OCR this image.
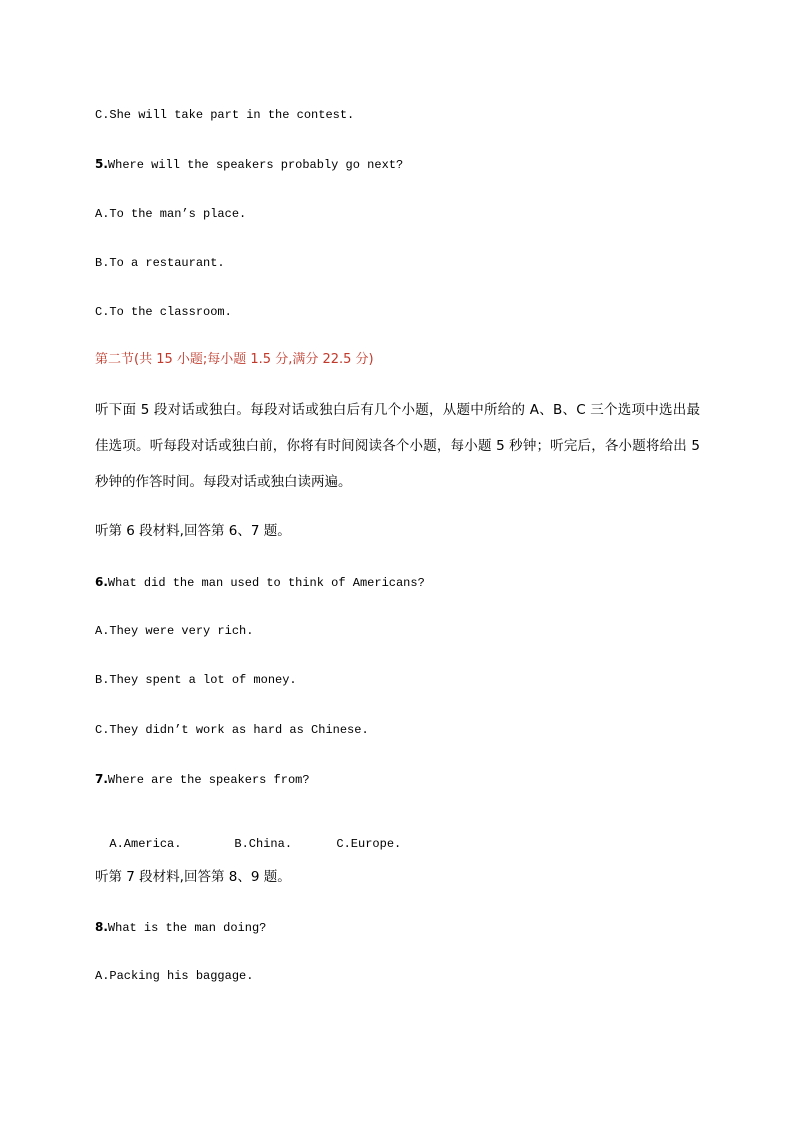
C.She will take part in the contest.
5.Where will the speakers probably go next?
A.To the man’s place.
B.To a restaurant.
C.To the classroom.
第二节(共 15 小题;每小题 1.5 分,满分 22.5 分)
听下面 5 段对话或独白。每段对话或独白后有几个小题，从题中所给的 A、B、C 三个选项中选出最佳选项。听每段对话或独白前，你将有时间阅读各个小题，每小题 5 秒钟；听完后，各小题将给出 5 秒钟的作答时间。每段对话或独白读两遍。
听第 6 段材料,回答第 6、7 题。
6.What did the man used to think of Americans?
A.They were very rich.
B.They spent a lot of money.
C.They didn’t work as hard as Chinese.
7.Where are the speakers from?

A.America.	B.China.	C.Europe.

听第 7 段材料,回答第 8、9 题。
8.What is the man doing?
A.Packing his baggage.
